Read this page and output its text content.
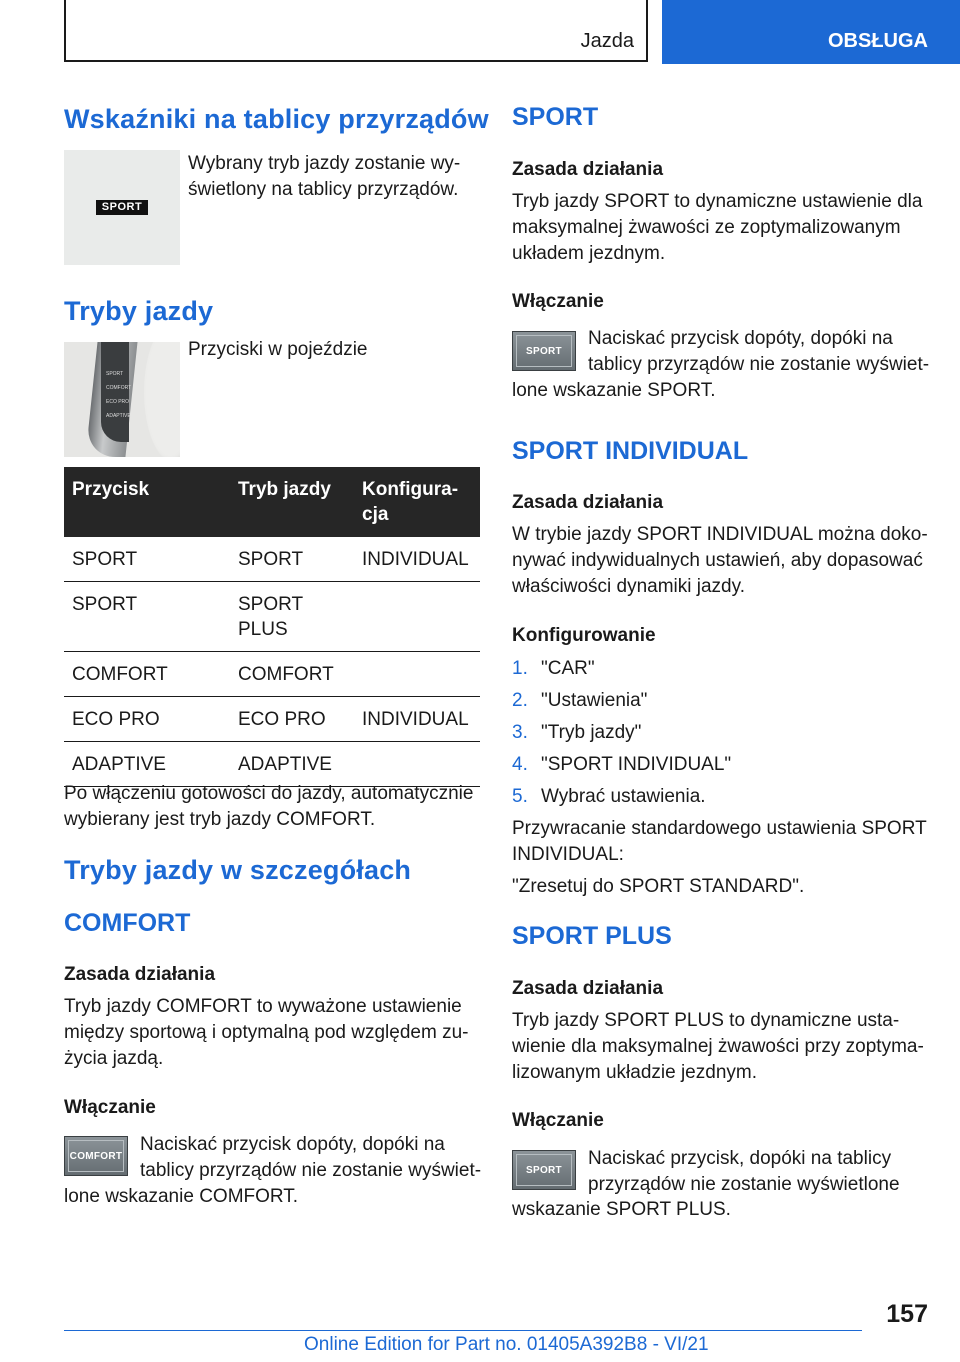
Jazda	OBSŁUGA
Wskaźniki na tablicy przyrządów
SPORT

Wybrany tryb jazdy zostanie wy‐

świetlony na tablicy przyrządów.

Tryby jazdy
SPORT
COMFORT
ECO PRO
ADAPTIVE

Przyciski w pojeździe

Przycisk	Tryb jazdy	Konfigura‐ cja
SPORT	SPORT	INDIVIDUAL
SPORT	SPORT PLUS	
COMFORT	COMFORT	
ECO PRO	ECO PRO	INDIVIDUAL
ADAPTIVE	ADAPTIVE	

Po włączeniu gotowości do jazdy, automatycznie

wybierany jest tryb jazdy COMFORT.

Tryby jazdy w szczegółach
COMFORT
Zasada działania

Tryb jazdy COMFORT to wyważone ustawienie

między sportową i optymalną pod względem zu‐

życia jazdą.

Włączanie
COMFORT

Naciskać przycisk dopóty, dopóki na

tablicy przyrządów nie zostanie wyświet‐

lone wskazanie COMFORT.

SPORT
Zasada działania

Tryb jazdy SPORT to dynamiczne ustawienie dla

maksymalnej żwawości ze zoptymalizowanym

układem jezdnym.

Włączanie
SPORT

Naciskać przycisk dopóty, dopóki na

tablicy przyrządów nie zostanie wyświet‐

lone wskazanie SPORT.

SPORT INDIVIDUAL
Zasada działania

W trybie jazdy SPORT INDIVIDUAL można doko‐

nywać indywidualnych ustawień, aby dopasować

właściwości dynamiki jazdy.

Konfigurowanie
1. "CAR"
2. "Ustawienia"
3. "Tryb jazdy"
4. "SPORT INDIVIDUAL"
5. Wybrać ustawienia.

Przywracanie standardowego ustawienia SPORT

INDIVIDUAL:

"Zresetuj do SPORT STANDARD".

SPORT PLUS
Zasada działania

Tryb jazdy SPORT PLUS to dynamiczne usta‐

wienie dla maksymalnej żwawości przy zoptyma‐

lizowanym układzie jezdnym.

Włączanie
SPORT

Naciskać przycisk, dopóki na tablicy

przyrządów nie zostanie wyświetlone

wskazanie SPORT PLUS.

157
Online Edition for Part no. 01405A392B8 - VI/21
